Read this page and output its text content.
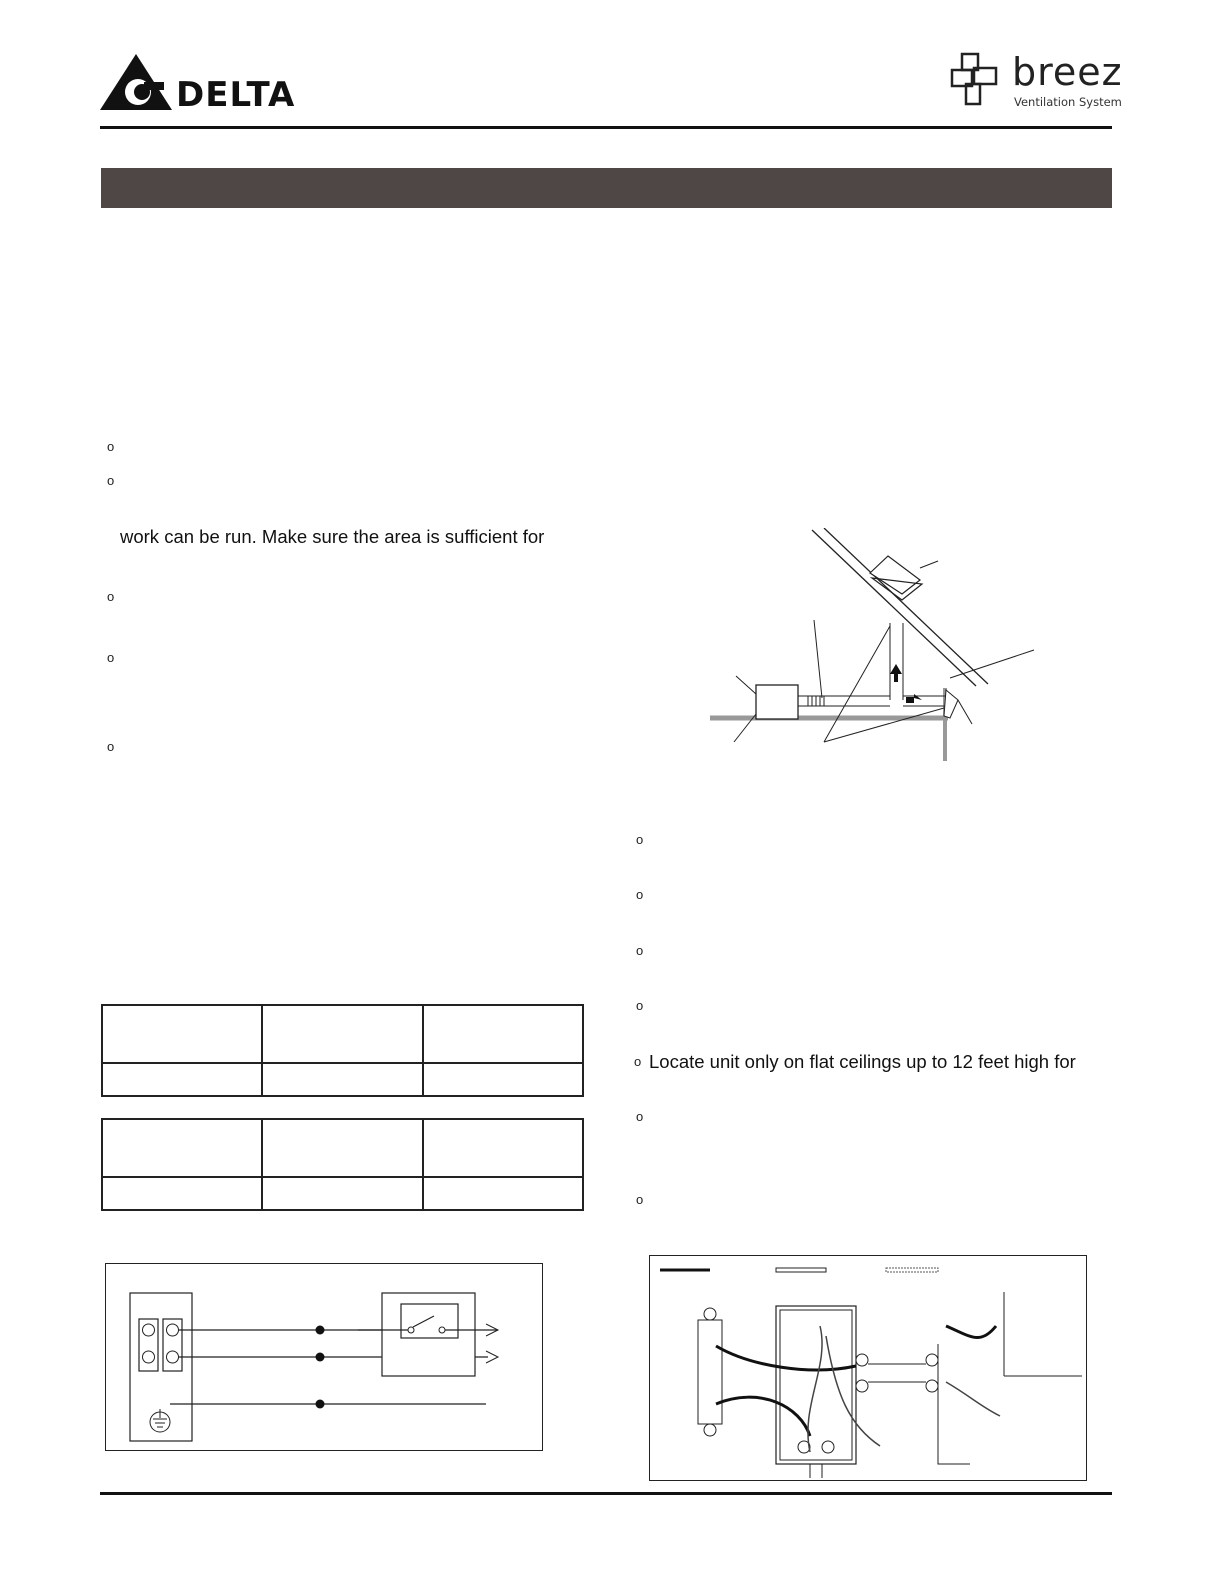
DELTA
breez
Ventilation System
o
o
work can be run. Make sure the area is sufficient for
o
o
o

o
o
o
o
o Locate unit only on flat ceilings up to 12 feet high for
o
o
